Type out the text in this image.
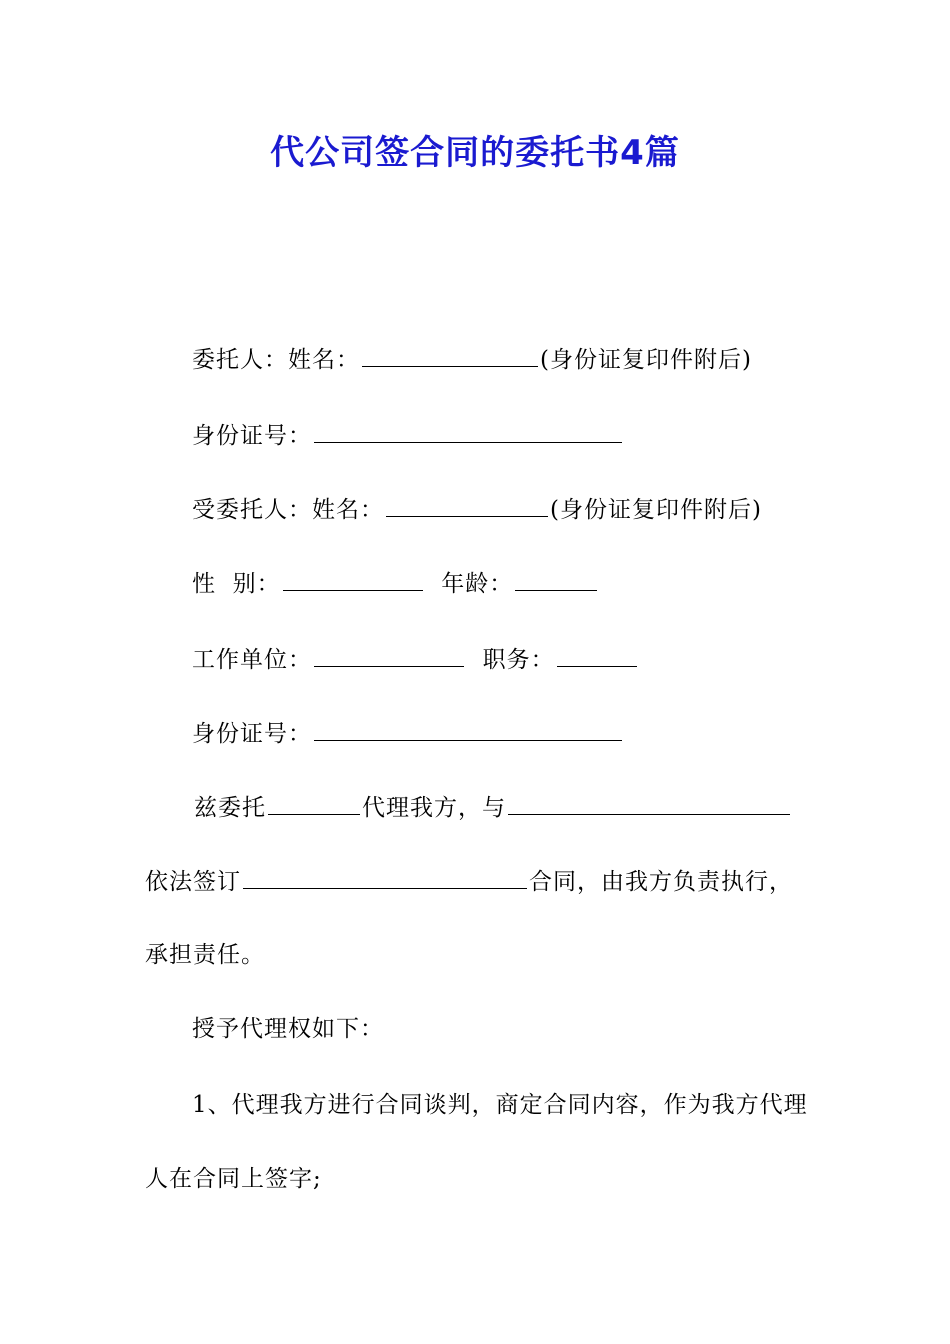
代公司签合同的委托书4篇
委托人：姓名：	(身份证复印件附后)
身份证号：
受委托人：姓名：	(身份证复印件附后)
性  别：	年龄：
工作单位：	职务：
身份证号：
兹委托	代理我方，与
依法签订	合同，由我方负责执行，
承担责任。
授予代理权如下：
1、代理我方进行合同谈判，商定合同内容，作为我方代理
人在合同上签字;
